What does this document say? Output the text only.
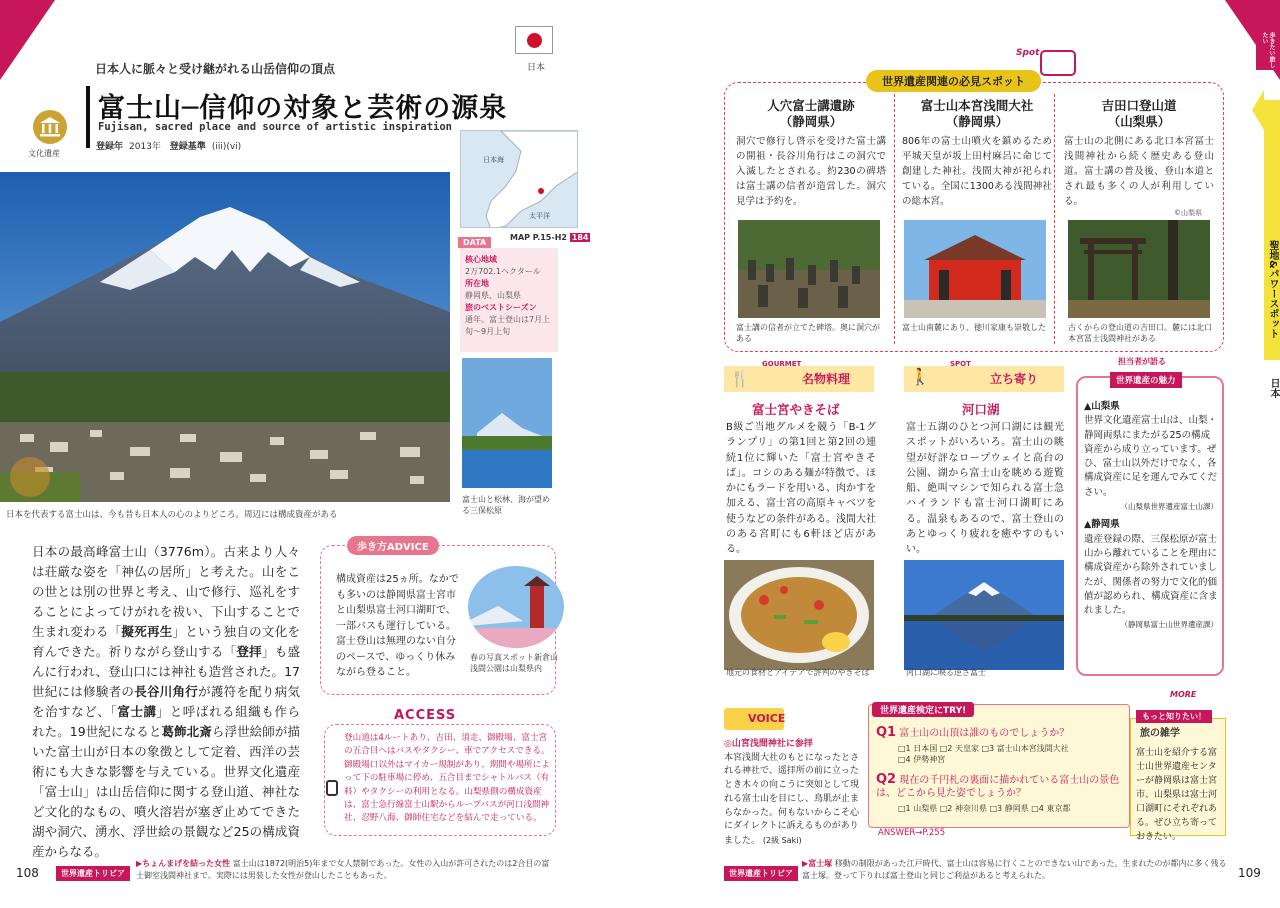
日本
日本人に脈々と受け継がれる山岳信仰の頂点
富士山─信仰の対象と芸術の源泉
Fujisan, sacred place and source of artistic inspiration
登録年 2013年 登録基準 (iii)(vi)
文化遺産
日本海
太平洋
MAP P.15-H2 184
DATA
核心地域
2万702.1ヘクタール
所在地
静岡県、山梨県
旅のベストシーズン
通年。富士登山は7月上旬～9月上旬
富士山と松林、海が望める三保松原
日本を代表する富士山は、今も昔も日本人の心のよりどころ。周辺には構成資産がある
日本の最高峰富士山（3776m）。古来より人々は荘厳な姿を「神仏の居所」と考えた。山をこの世とは別の世界と考え、山で修行、巡礼をすることによってけがれを祓い、下山することで生まれ変わる「擬死再生」という独自の文化を育んできた。祈りながら登山する「登拝」も盛んに行われ、登山口には神社も造営された。17世紀には修験者の長谷川角行が護符を配り病気を治すなど、「富士講」と呼ばれる組織も作られた。19世紀になると葛飾北斎ら浮世絵師が描いた富士山が日本の象徴として定着、西洋の芸術にも大きな影響を与えている。世界文化遺産「富士山」は山岳信仰に関する登山道、神社など文化的なもの、噴火溶岩が塞ぎ止めてできた湖や洞穴、湧水、浮世絵の景観など25の構成資産からなる。
歩き方ADVICE
構成資産は25ヵ所。なかでも多いのは静岡県富士宮市と山梨県富士河口湖町で、一部バスも運行している。富士登山は無理のない自分のペースで、ゆっくり休みながら登ること。
春の写真スポット新倉山浅間公園は山梨県内
ACCESS
登山道は4ルートあり、吉田、須走、御殿場、富士宮の五合目へはバスやタクシー、車でアクセスできる。御殿場口以外はマイカー規制があり、期間や場所によって下の駐車場に停め、五合目までシャトルバス（有料）やタクシーの利用となる。山梨県側の構成資産は、富士急行線富士山駅からループバスが河口浅間神社、忍野八海、御師住宅などを結んで走っている。
108	世界遺産トリビア
▶ちょんまげを結った女性 富士山は1872(明治5)年まで女人禁制であった。女性の入山が許可されたのは2合目の富士御室浅間神社まで。実際には男装した女性が登山したこともあった。
世界遺産関連の必見スポット
Spot
人穴富士講遺跡
（静岡県）

洞穴で修行し啓示を受けた富士講の開祖・長谷川角行はこの洞穴で入滅したとされる。約230の碑塔は富士講の信者が造営した。洞穴見学は予約を。

富士講の信者が立てた碑塔。奥に洞穴がある
富士山本宮浅間大社
（静岡県）

806年の富士山噴火を鎮めるため平城天皇が坂上田村麻呂に命じて創建した神社。浅間大神が祀られている。全国に1300ある浅間神社の総本宮。

富士山南麓にあり、徳川家康も崇敬した
吉田口登山道
（山梨県）

富士山の北側にある北口本宮冨士浅間神社から続く歴史ある登山道。富士講の普及後、登山本道とされ最も多くの人が利用している。

©山梨県
古くからの登山道の吉田口。麓には北口本宮冨士浅間神社がある
🍴
GOURMET
名物料理
富士宮やきそば
B級ご当地グルメを競う「B-1グランプリ」の第1回と第2回の連続1位に輝いた「富士宮やきそば」。コシのある麺が特徴で、ほかにもラードを用いる、肉かすを加える、富士宮の高原キャベツを使うなどの条件がある。浅間大社のある宮町にも6軒ほど店がある。
地元の食材とアイデアで評判のやきそば
🚶
SPOT
立ち寄り
河口湖
富士五湖のひとつ河口湖には観光スポットがいろいろ。富士山の眺望が好評なロープウェイと高台の公園、湖から富士山を眺める遊覧船、絶叫マシンで知られる富士急ハイランドも富士河口湖町にある。温泉もあるので、富士登山のあとゆっくり疲れを癒やすのもいい。
河口湖に映る逆さ富士
担当者が語る
世界遺産の魅力
▲山梨県
世界文化遺産富士山は、山梨・静岡両県にまたがる25の構成資産から成り立っています。ぜひ、富士山以外だけでなく、各構成資産に足を運んでみてください。
（山梨県世界遺産富士山課）
▲静岡県
遺産登録の際、三保松原が富士山から離れていることを理由に構成資産から除外されていましたが、関係者の努力で文化的価値が認められ、構成資産に含まれました。
（静岡県富士山世界遺産課）
VOICE
◎山宮浅間神社に参拝
本宮浅間大社のもとになったとされる神社で、遥拝所の前に立ったとき木々の向こうに突如として現れる富士山を目にし、鳥肌が止まらなかった。何もないからこそ心にダイレクトに訴えるものがありました。 (2級 Saki)
世界遺産検定にTRY!
Q1 富士山の山頂は誰のものでしょうか？
□1 日本国 □2 天皇家 □3 富士山本宮浅間大社
□4 伊勢神宮
Q2 現在の千円札の裏面に描かれている富士山の景色は、どこから見た姿でしょうか？
□1 山梨県 □2 神奈川県 □3 静岡県 □4 東京都
ANSWER→P.255
MORE
もっと知りたい！
旅の雑学
富士山を紹介する富士山世界遺産センターが静岡県は富士宮市、山梨県は富士河口湖町にそれぞれある。ぜひ立ち寄っておきたい。
歩きたい旅したい
聖地&パワースポット
日本
世界遺産トリビア
▶富士塚 移動の制限があった江戸時代、富士山は容易に行くことのできない山であった。生まれたのが都内に多く残る富士塚。登って下りれば富士登山と同じご利益があると考えられた。	109
